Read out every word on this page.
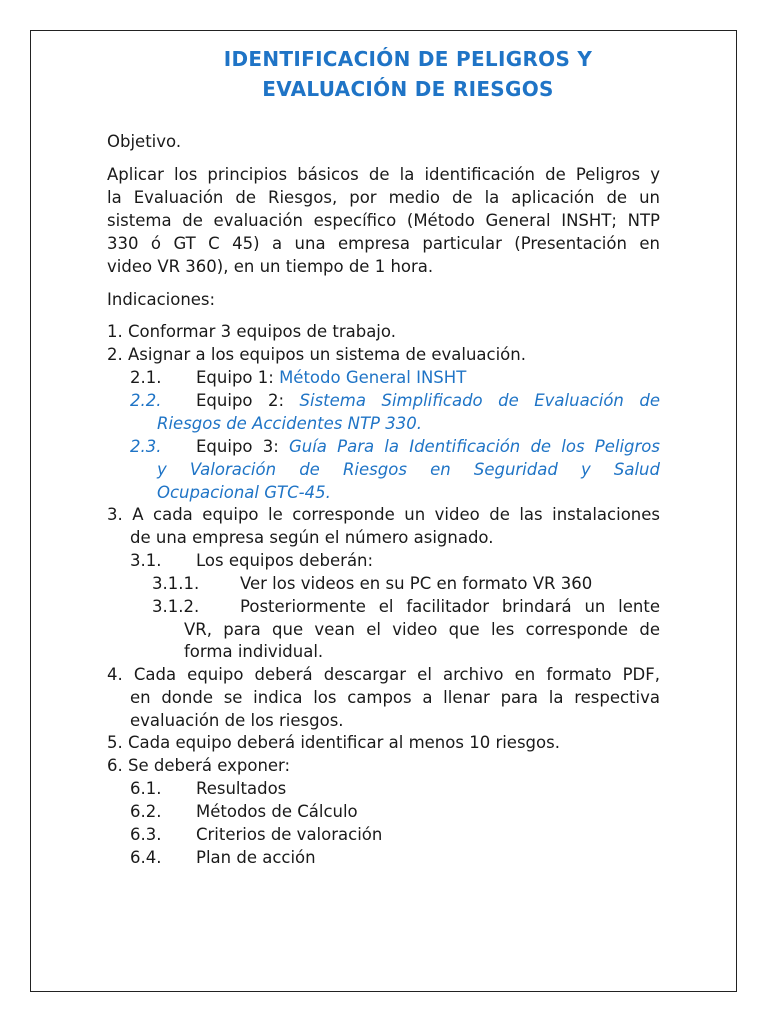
IDENTIFICACIÓN DE PELIGROS Y
EVALUACIÓN DE RIESGOS

Objetivo.

Aplicar los principios básicos de la identificación de Peligros y

la Evaluación de Riesgos, por medio de la aplicación de un

sistema de evaluación específico (Método General INSHT; NTP

330 ó GT C 45) a una empresa particular (Presentación en

video VR 360), en un tiempo de 1 hora.

Indicaciones:

1. Conformar 3 equipos de trabajo.

2. Asignar a los equipos un sistema de evaluación.

2.1. Equipo 1: Método General INSHT

2.2. Equipo 2: Sistema Simplificado de Evaluación de

Riesgos de Accidentes NTP 330.

2.3. Equipo 3: Guía Para la Identificación de los Peligros

y Valoración de Riesgos en Seguridad y Salud

Ocupacional GTC-45.

3. A cada equipo le corresponde un video de las instalaciones

de una empresa según el número asignado.

3.1. Los equipos deberán:

3.1.1. Ver los videos en su PC en formato VR 360

3.1.2. Posteriormente el facilitador brindará un lente

VR, para que vean el video que les corresponde de

forma individual.

4. Cada equipo deberá descargar el archivo en formato PDF,

en donde se indica los campos a llenar para la respectiva

evaluación de los riesgos.

5. Cada equipo deberá identificar al menos 10 riesgos.

6. Se deberá exponer:

6.1. Resultados

6.2. Métodos de Cálculo

6.3. Criterios de valoración

6.4. Plan de acción
